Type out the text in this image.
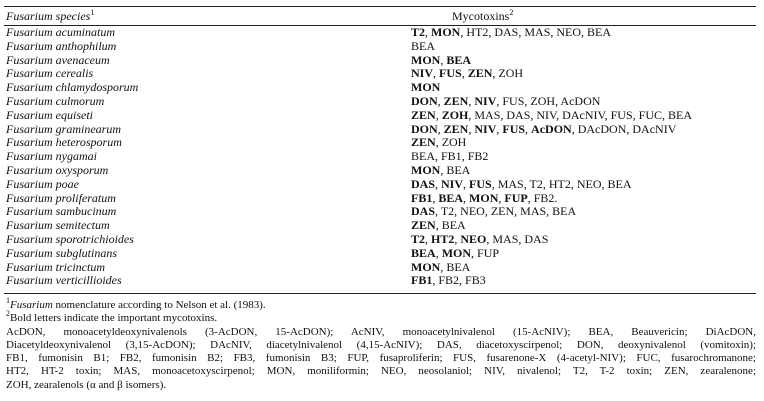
Fusarium species$^1$	Mycotoxins$^2$
Fusarium acuminatum	T2, MON, HT2, DAS, MAS, NEO, BEA
Fusarium anthophilum	BEA
Fusarium avenaceum	MON, BEA
Fusarium cerealis	NIV, FUS, ZEN, ZOH
Fusarium chlamydosporum	MON
Fusarium culmorum	DON, ZEN, NIV, FUS, ZOH, AcDON
Fusarium equiseti	ZEN, ZOH, MAS, DAS, NIV, DAcNIV, FUS, FUC, BEA
Fusarium graminearum	DON, ZEN, NIV, FUS, AcDON, DAcDON, DAcNIV
Fusarium heterosporum	ZEN, ZOH
Fusarium nygamai	BEA, FB1, FB2
Fusarium oxysporum	MON, BEA
Fusarium poae	DAS, NIV, FUS, MAS, T2, HT2, NEO, BEA
Fusarium proliferatum	FB1, BEA, MON, FUP, FB2.
Fusarium sambucinum	DAS, T2, NEO, ZEN, MAS, BEA
Fusarium semitectum	ZEN, BEA
Fusarium sporotrichioides	T2, HT2, NEO, MAS, DAS
Fusarium subglutinans	BEA, MON, FUP
Fusarium tricinctum	MON, BEA
Fusarium verticillioides	FB1, FB2, FB3
$^1$Fusarium nomenclature according to Nelson et al. (1983).
$^2$Bold letters indicate the important mycotoxins.
AcDON, monoacetyldeoxynivalenols (3-AcDON, 15-AcDON); AcNIV, monoacetylnivalenol (15-AcNIV); BEA, Beauvericin; DiAcDON,
Diacetyldeoxynivalenol (3,15-AcDON); DAcNIV, diacetylnivalenol (4,15-AcNIV); DAS, diacetoxyscirpenol; DON, deoxynivalenol (vomitoxin);
FB1, fumonisin B1; FB2, fumonisin B2; FB3, fumonisin B3; FUP, fusaproliferin; FUS, fusarenone-X (4-acetyl-NIV); FUC, fusarochromanone;
HT2, HT-2 toxin; MAS, monoacetoxyscirpenol; MON, moniliformin; NEO, neosolaniol; NIV, nivalenol; T2, T-2 toxin; ZEN, zearalenone;
ZOH, zearalenols (α and β isomers).
